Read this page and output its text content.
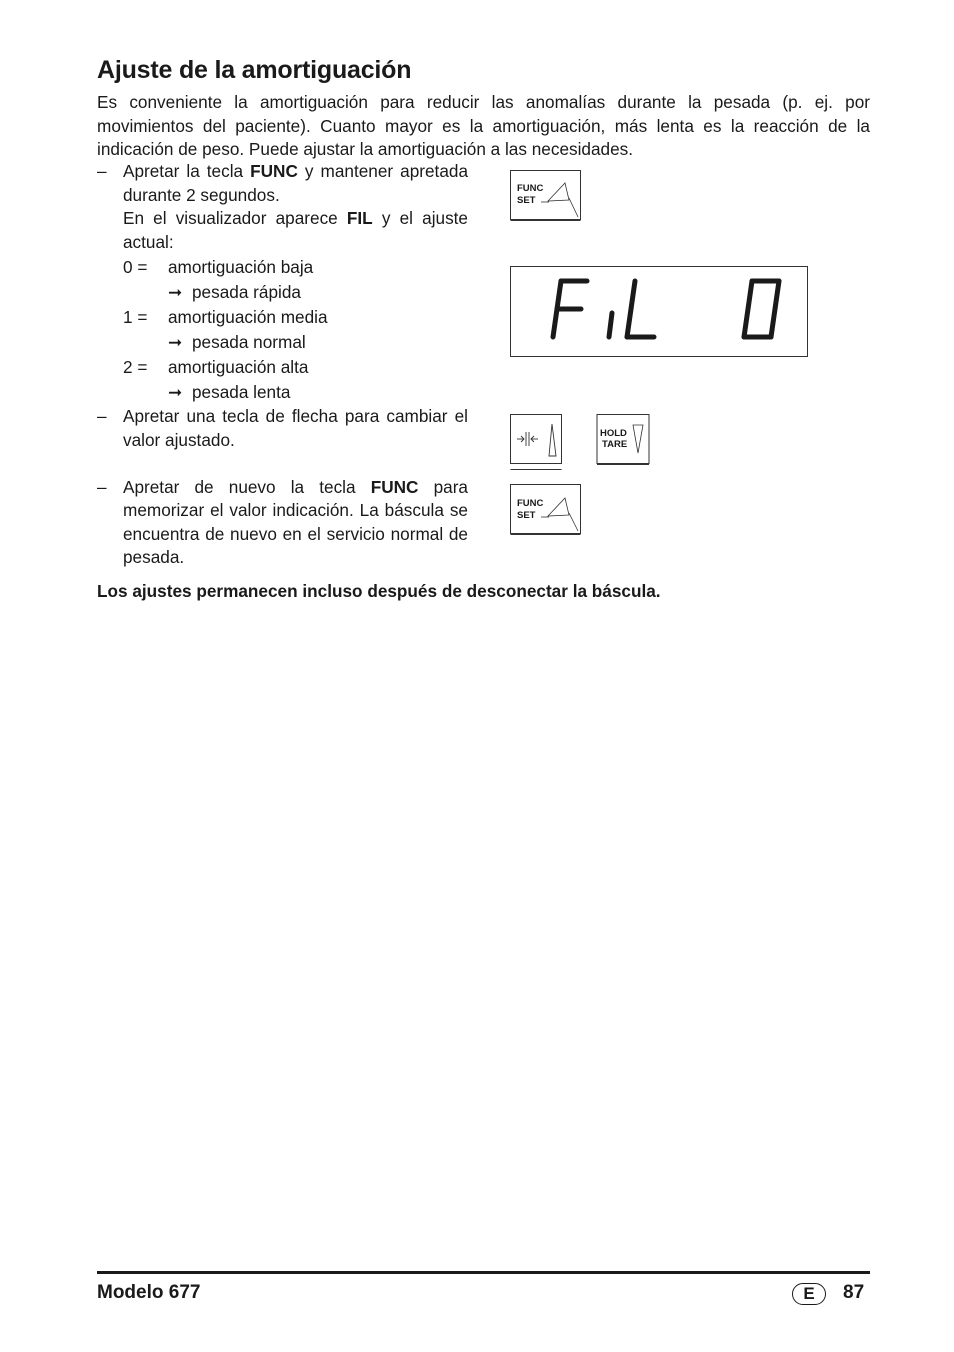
Ajuste de la amortiguación
Es conveniente la amortiguación para reducir las anomalías durante la pesada (p. ej. por movimientos del paciente). Cuanto mayor es la amortiguación, más lenta es la reacción de la indicación de peso. Puede ajustar la amortiguación a las necesidades.
– Apretar la tecla FUNC y mantener apretada durante 2 segundos.
En el visualizador aparece FIL y el ajuste actual:
0 =	amortiguación baja
➞ pesada rápida
1 =	amortiguación media
➞ pesada normal
2 =	amortiguación alta
➞ pesada lenta
– Apretar una tecla de flecha para cambiar el valor ajustado.
– Apretar de nuevo la tecla FUNC para memorizar el valor indicación. La báscula se encuentra de nuevo en el servicio normal de pesada.
FUNC
SET
HOLD
TARE
FUNC
SET
Los ajustes permanecen incluso después de desconectar la báscula.
Modelo 677	E	87
